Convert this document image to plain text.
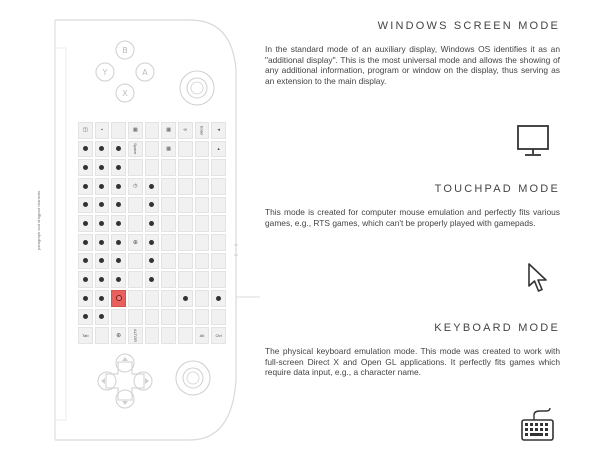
B
Y	A
X
paragraph and dragpad character
◫	▪	▦	▦	∞	Enter	◂
Space	▦	▲
◷
⊕
Tab	⊕	ALTGR	Alt	Ctrl
WINDOWS SCREEN MODE

In the standard mode of an auxiliary display, Windows OS identifies it as an "additional display". This is the most universal mode and allows the showing of any additional information, program or window on the display, thus serving as an extension to the main display.

TOUCHPAD MODE

This mode is created for computer mouse emulation and perfectly fits various games, e.g., RTS games, which can't be properly played with gamepads.

KEYBOARD MODE

The physical keyboard emulation mode. This mode was created to work with full-screen Direct X and Open GL applications. It perfectly fits games which require data input, e.g., a character name.
